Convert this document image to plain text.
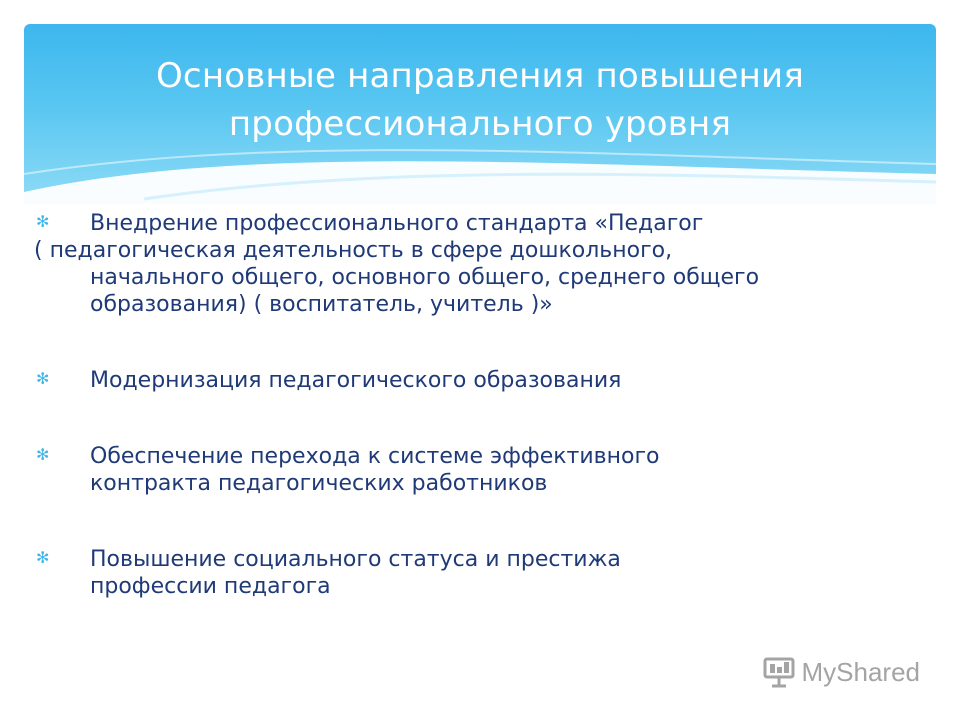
Основные направления повышения
профессионального уровня
✻ Внедрение профессионального стандарта «Педагог
( педагогическая деятельность в сфере дошкольного,
начального общего, основного общего, среднего общего
образования) ( воспитатель, учитель )»
✻ Модернизация педагогического образования
✻ Обеспечение перехода к системе эффективного
контракта педагогических работников
✻ Повышение социального статуса и престижа
профессии педагога
MyShared
